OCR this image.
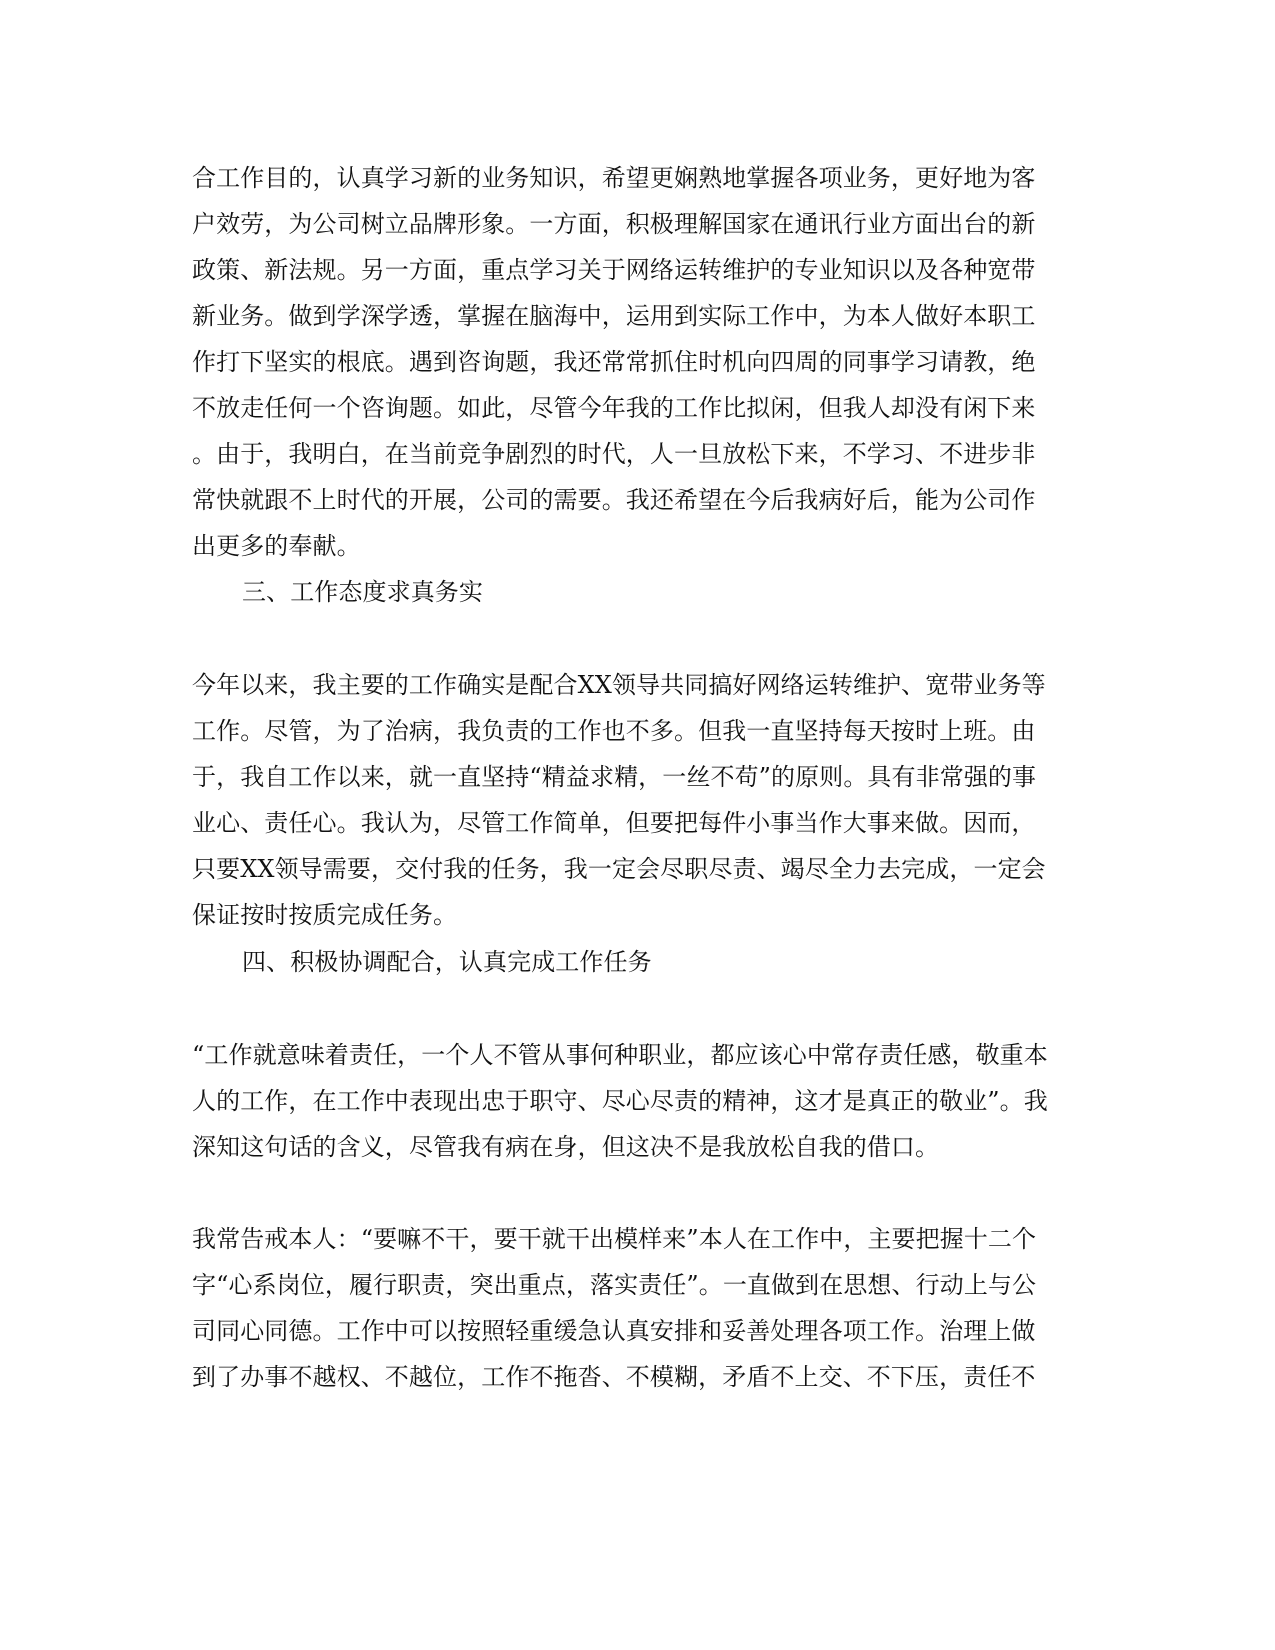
合工作目的，认真学习新的业务知识，希望更娴熟地掌握各项业务，更好地为客
户效劳，为公司树立品牌形象。一方面，积极理解国家在通讯行业方面出台的新
政策、新法规。另一方面，重点学习关于网络运转维护的专业知识以及各种宽带
新业务。做到学深学透，掌握在脑海中，运用到实际工作中，为本人做好本职工
作打下坚实的根底。遇到咨询题，我还常常抓住时机向四周的同事学习请教，绝
不放走任何一个咨询题。如此，尽管今年我的工作比拟闲，但我人却没有闲下来
。由于，我明白，在当前竞争剧烈的时代，人一旦放松下来，不学习、不进步非
常快就跟不上时代的开展，公司的需要。我还希望在今后我病好后，能为公司作
出更多的奉献。
三、工作态度求真务实
今年以来，我主要的工作确实是配合XX领导共同搞好网络运转维护、宽带业务等
工作。尽管，为了治病，我负责的工作也不多。但我一直坚持每天按时上班。由
于，我自工作以来，就一直坚持“精益求精，一丝不苟”的原则。具有非常强的事
业心、责任心。我认为，尽管工作简单，但要把每件小事当作大事来做。因而，
只要XX领导需要，交付我的任务，我一定会尽职尽责、竭尽全力去完成，一定会
保证按时按质完成任务。
四、积极协调配合，认真完成工作任务
“工作就意味着责任，一个人不管从事何种职业，都应该心中常存责任感，敬重本
人的工作，在工作中表现出忠于职守、尽心尽责的精神，这才是真正的敬业”。我
深知这句话的含义，尽管我有病在身，但这决不是我放松自我的借口。
我常告戒本人：“要嘛不干，要干就干出模样来”本人在工作中，主要把握十二个
字“心系岗位，履行职责，突出重点，落实责任”。一直做到在思想、行动上与公
司同心同德。工作中可以按照轻重缓急认真安排和妥善处理各项工作。治理上做
到了办事不越权、不越位，工作不拖沓、不模糊，矛盾不上交、不下压，责任不
